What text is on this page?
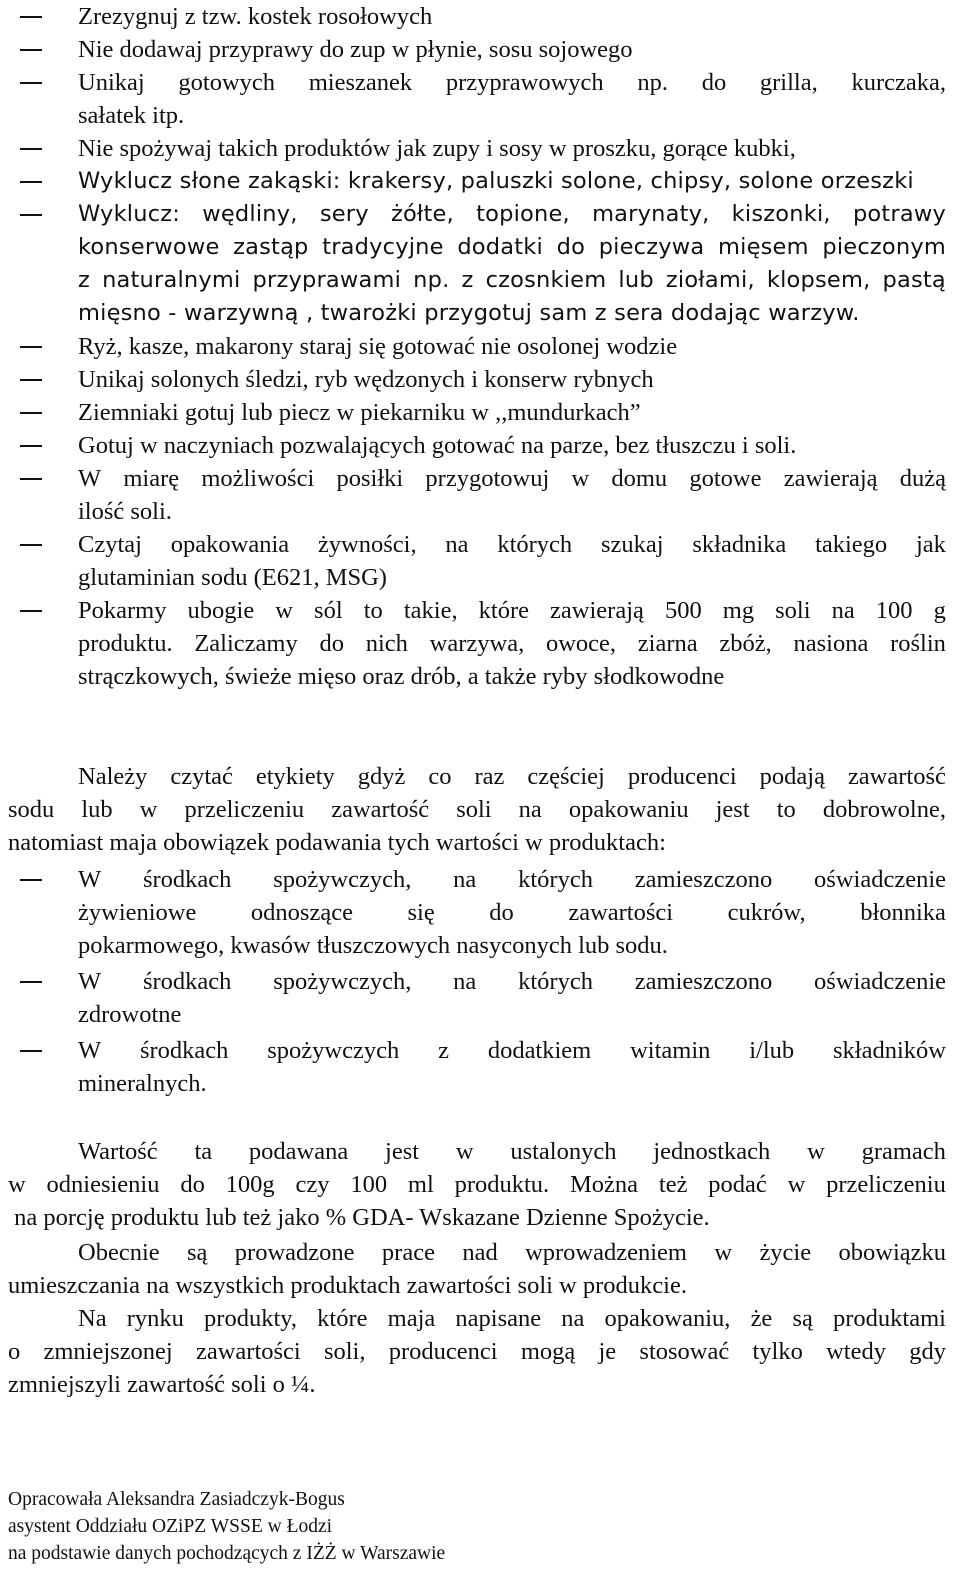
Zrezygnuj z tzw. kostek rosołowych
Nie dodawaj przyprawy do zup w płynie, sosu sojowego
Unikaj gotowych mieszanek przyprawowych np. do grilla, kurczaka,
sałatek itp.
Nie spożywaj takich produktów jak zupy i sosy w proszku, gorące kubki,
Wyklucz słone zakąski: krakersy, paluszki solone, chipsy, solone orzeszki
Wyklucz: wędliny, sery żółte, topione, marynaty, kiszonki, potrawy
konserwowe zastąp tradycyjne dodatki do pieczywa mięsem pieczonym
z naturalnymi przyprawami np. z czosnkiem lub ziołami, klopsem, pastą
mięsno - warzywną , twarożki przygotuj sam z sera dodając warzyw.
Ryż, kasze, makarony staraj się gotować nie osolonej wodzie
Unikaj solonych śledzi, ryb wędzonych i konserw rybnych
Ziemniaki gotuj lub piecz w piekarniku w ,,mundurkach”
Gotuj w naczyniach pozwalających gotować na parze, bez tłuszczu i soli.
W miarę możliwości posiłki przygotowuj w domu gotowe zawierają dużą
ilość soli.
Czytaj opakowania żywności, na których szukaj składnika takiego jak
glutaminian sodu (E621, MSG)
Pokarmy ubogie w sól to takie, które zawierają 500 mg soli na 100 g
produktu. Zaliczamy do nich warzywa, owoce, ziarna zbóż, nasiona roślin
strączkowych, świeże mięso oraz drób, a także ryby słodkowodne
Należy czytać etykiety gdyż co raz częściej producenci podają zawartość
sodu lub w przeliczeniu zawartość soli na opakowaniu jest to dobrowolne,
natomiast maja obowiązek podawania tych wartości w produktach:
W środkach spożywczych, na których zamieszczono oświadczenie
żywieniowe odnoszące się do zawartości cukrów, błonnika
pokarmowego, kwasów tłuszczowych nasyconych lub sodu.
W środkach spożywczych, na których zamieszczono oświadczenie
zdrowotne
W środkach spożywczych z dodatkiem witamin i/lub składników
mineralnych.
Wartość ta podawana jest w ustalonych jednostkach w gramach
w odniesieniu do 100g czy 100 ml produktu. Można też podać w przeliczeniu
na porcję produktu lub też jako % GDA- Wskazane Dzienne Spożycie.
Obecnie są prowadzone prace nad wprowadzeniem w życie obowiązku
umieszczania na wszystkich produktach zawartości soli w produkcie.
Na rynku produkty, które maja napisane na opakowaniu, że są produktami
o zmniejszonej zawartości soli, producenci mogą je stosować tylko wtedy gdy
zmniejszyli zawartość soli o ¼.
Opracowała Aleksandra Zasiadczyk-Bogus
asystent Oddziału OZiPZ WSSE w Łodzi
na podstawie danych pochodzących z IŻŻ w Warszawie
